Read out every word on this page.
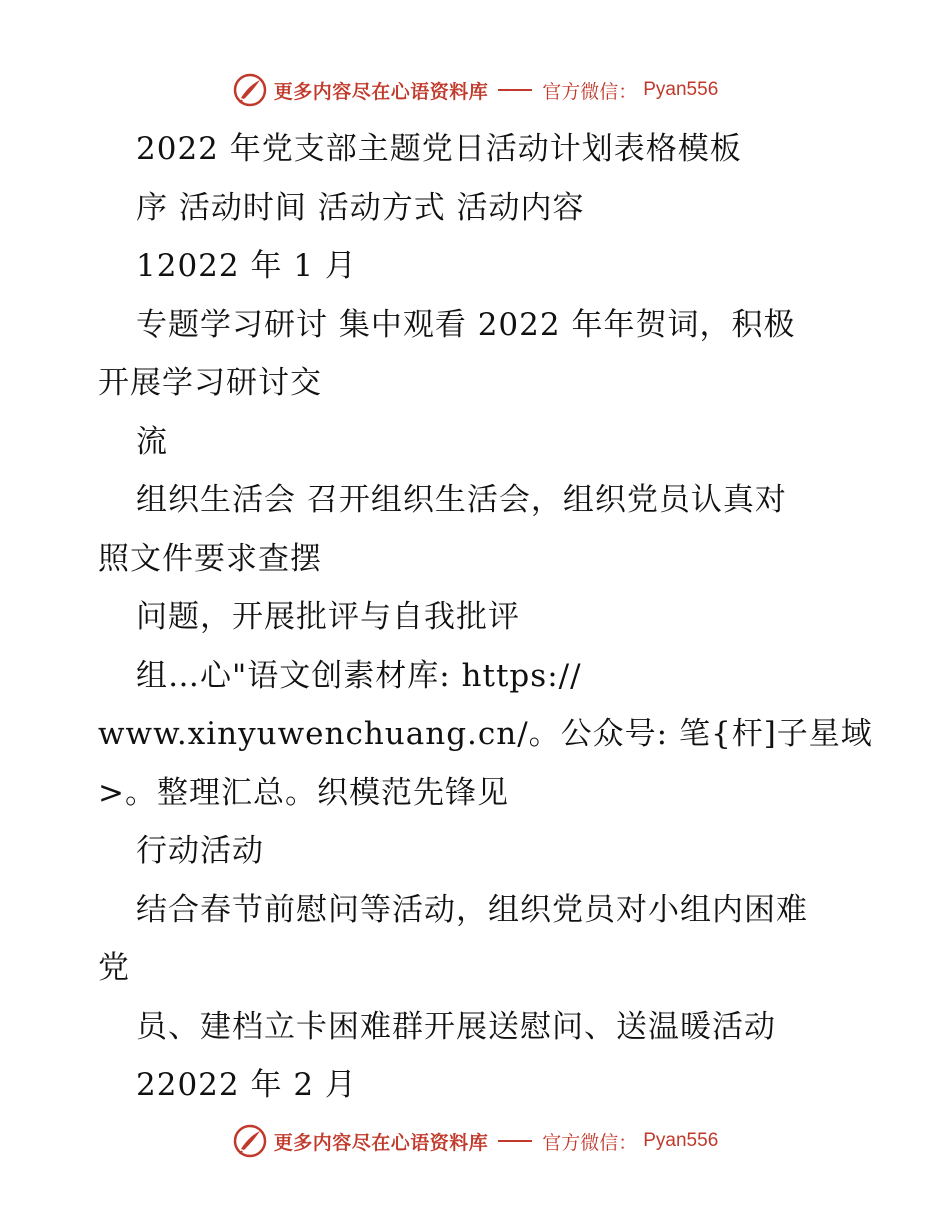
更多内容尽在心语资料库	官方微信： Pyan556
2022 年党支部主题党日活动计划表格模板
序 活动时间 活动方式 活动内容
12022 年 1 月
专题学习研讨 集中观看 2022 年年贺词，积极
开展学习研讨交
流
组织生活会 召开组织生活会，组织党员认真对
照文件要求查摆
问题，开展批评与自我批评
组…心"语文创素材库: https://
www.xinyuwenchuang.cn/。公众号: 笔{杆]子星域
>。整理汇总。织模范先锋见
行动活动
结合春节前慰问等活动，组织党员对小组内困难
党
员、建档立卡困难群开展送慰问、送温暖活动
22022 年 2 月
更多内容尽在心语资料库	官方微信： Pyan556
